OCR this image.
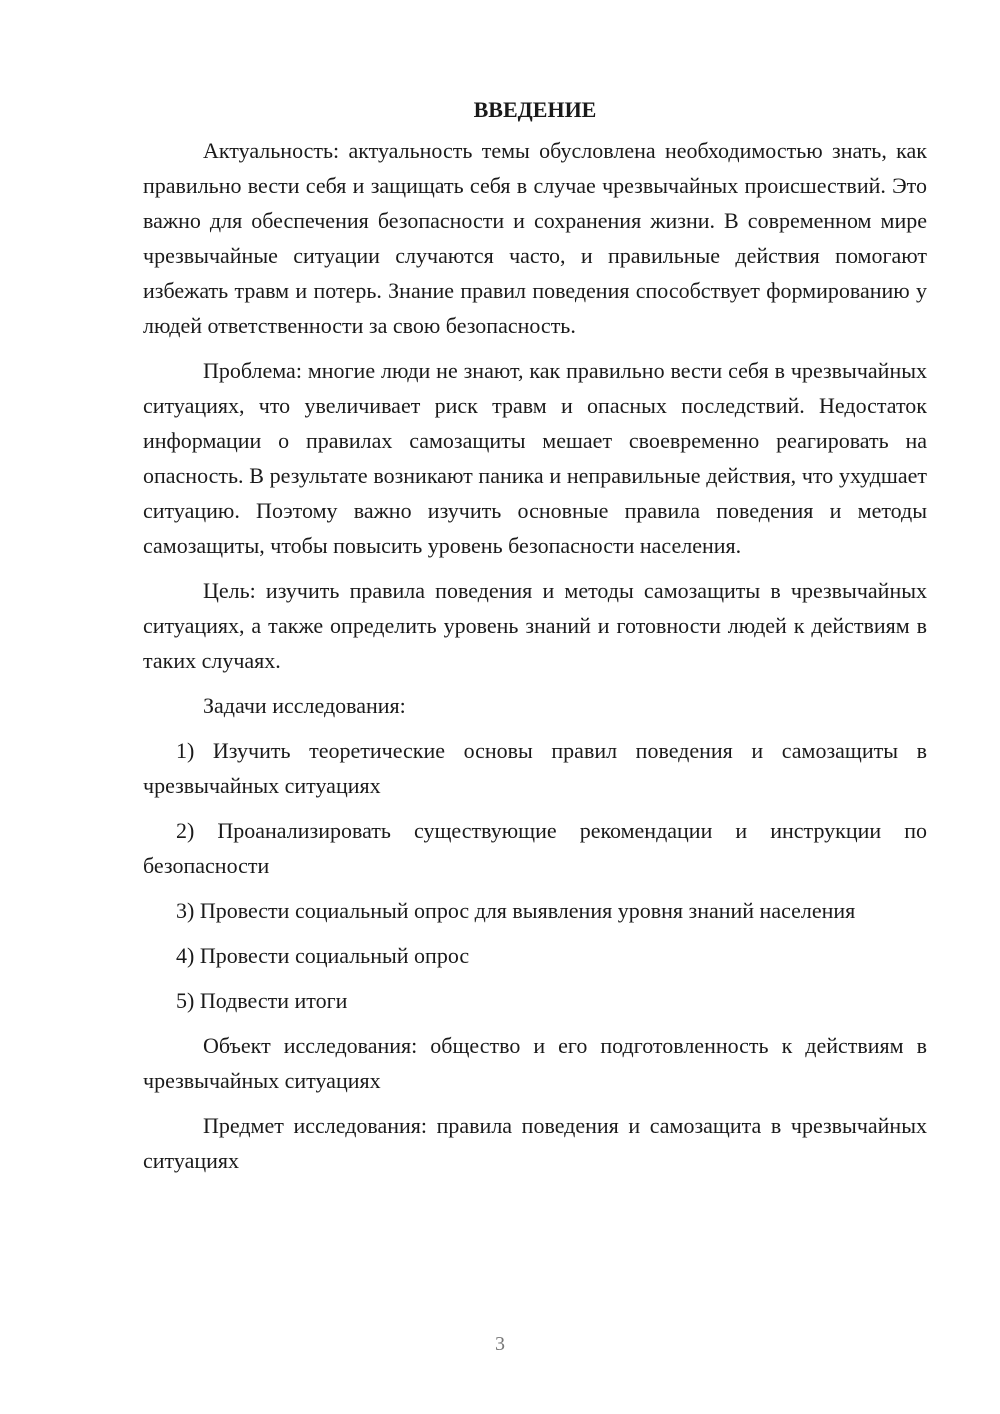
ВВЕДЕНИЕ

Актуальность: актуальность темы обусловлена необходимостью знать, как правильно вести себя и защищать себя в случае чрезвычайных происшествий. Это важно для обеспечения безопасности и сохранения жизни. В современном мире чрезвычайные ситуации случаются часто, и правильные действия помогают избежать травм и потерь. Знание правил поведения способствует формированию у людей ответственности за свою безопасность.

Проблема: многие люди не знают, как правильно вести себя в чрезвычайных ситуациях, что увеличивает риск травм и опасных последствий. Недостаток информации о правилах самозащиты мешает своевременно реагировать на опасность. В результате возникают паника и неправильные действия, что ухудшает ситуацию. Поэтому важно изучить основные правила поведения и методы самозащиты, чтобы повысить уровень безопасности населения.

Цель: изучить правила поведения и методы самозащиты в чрезвычайных ситуациях, а также определить уровень знаний и готовности людей к действиям в таких случаях.

Задачи исследования:

1) Изучить теоретические основы правил поведения и самозащиты в чрезвычайных ситуациях

2) Проанализировать существующие рекомендации и инструкции по безопасности

3) Провести социальный опрос для выявления уровня знаний населения

4) Провести социальный опрос

5) Подвести итоги

Объект исследования: общество и его подготовленность к действиям в чрезвычайных ситуациях

Предмет исследования: правила поведения и самозащита в чрезвычайных ситуациях

3
